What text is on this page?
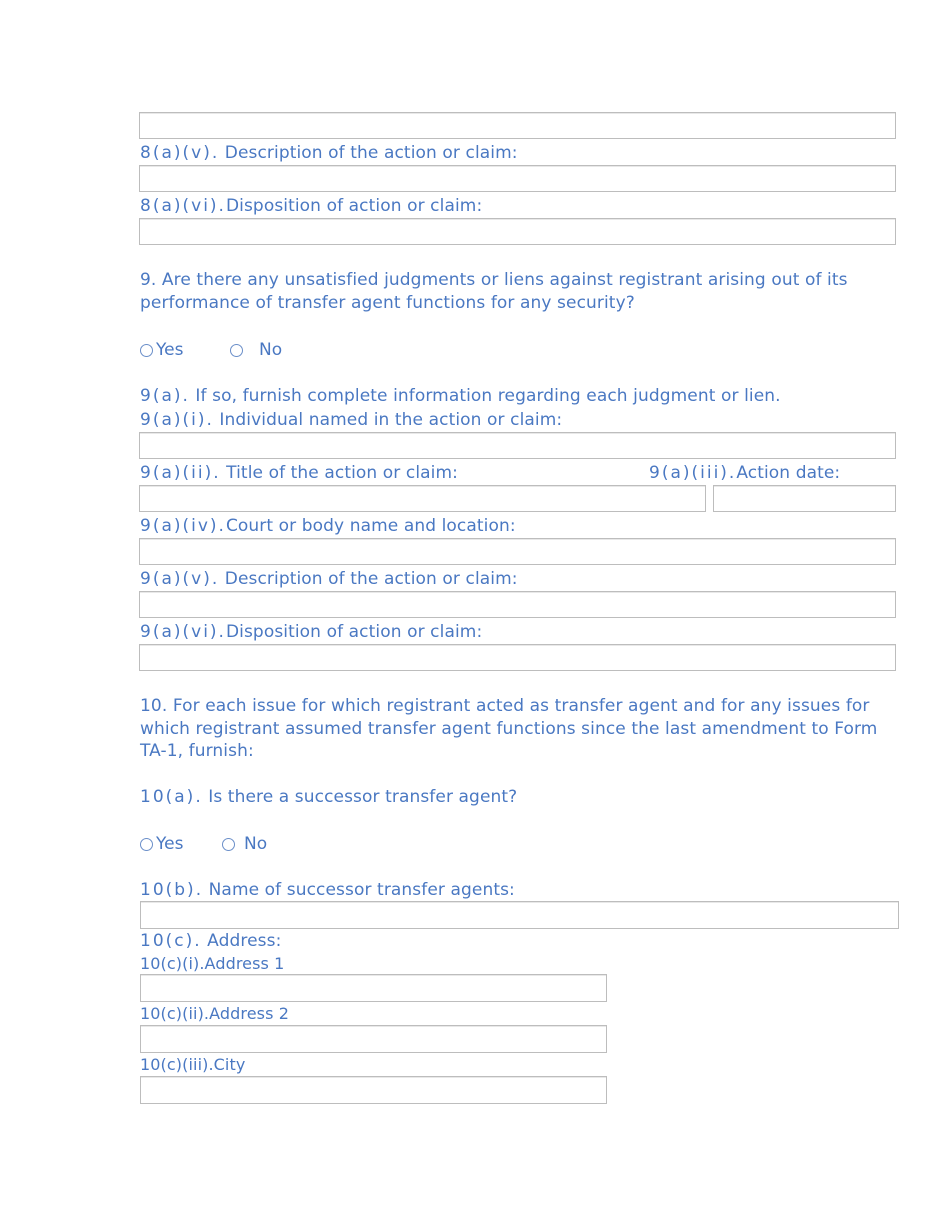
8(a)(v). Description of the action or claim:
8(a)(vi).Disposition of action or claim:
9. Are there any unsatisfied judgments or liens against registrant arising out of its performance of transfer agent functions for any security?
Yes	No
9(a). If so, furnish complete information regarding each judgment or lien.
9(a)(i). Individual named in the action or claim:
9(a)(ii). Title of the action or claim:	9(a)(iii).Action date:
9(a)(iv).Court or body name and location:
9(a)(v). Description of the action or claim:
9(a)(vi).Disposition of action or claim:
10. For each issue for which registrant acted as transfer agent and for any issues for which registrant assumed transfer agent functions since the last amendment to Form TA-1, furnish:
10(a). Is there a successor transfer agent?
Yes	No
10(b). Name of successor transfer agents:
10(c). Address:
10(c)(i).Address 1
10(c)(ii).Address 2
10(c)(iii).City
